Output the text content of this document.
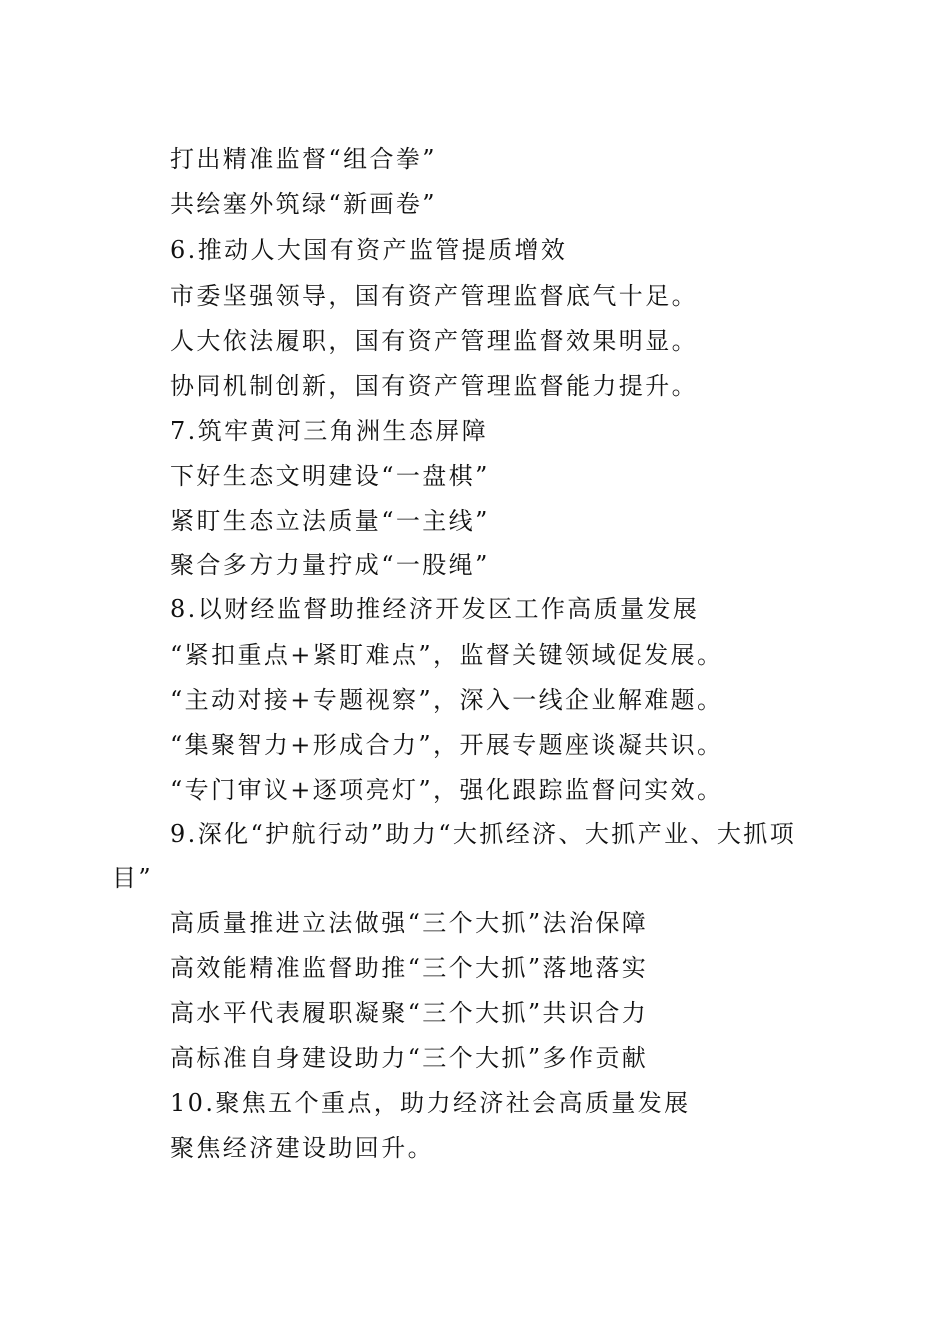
打出精准监督“组合拳”
共绘塞外筑绿“新画卷”
6.推动人大国有资产监管提质增效
市委坚强领导，国有资产管理监督底气十足。
人大依法履职，国有资产管理监督效果明显。
协同机制创新，国有资产管理监督能力提升。
7.筑牢黄河三角洲生态屏障
下好生态文明建设“一盘棋”
紧盯生态立法质量“一主线”
聚合多方力量拧成“一股绳”
8.以财经监督助推经济开发区工作高质量发展
“紧扣重点+紧盯难点”，监督关键领域促发展。
“主动对接+专题视察”，深入一线企业解难题。
“集聚智力+形成合力”，开展专题座谈凝共识。
“专门审议+逐项亮灯”，强化跟踪监督问实效。
9.深化“护航行动”助力“大抓经济、大抓产业、大抓项
目”
高质量推进立法做强“三个大抓”法治保障
高效能精准监督助推“三个大抓”落地落实
高水平代表履职凝聚“三个大抓”共识合力
高标准自身建设助力“三个大抓”多作贡献
10.聚焦五个重点，助力经济社会高质量发展
聚焦经济建设助回升。
